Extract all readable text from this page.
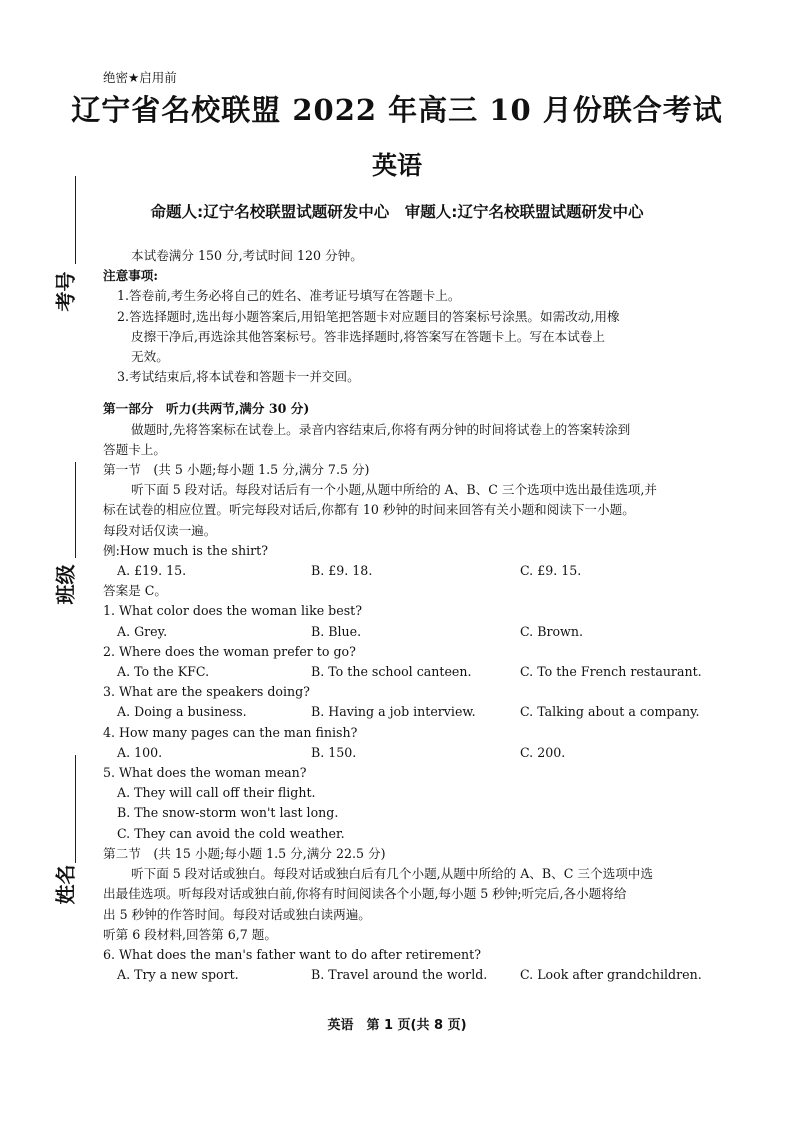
绝密★启用前
辽宁省名校联盟 2022 年高三 10 月份联合考试
英语
命题人:辽宁名校联盟试题研发中心　审题人:辽宁名校联盟试题研发中心
考号
班级
姓名

本试卷满分 150 分,考试时间 120 分钟。

注意事项:

1.答卷前,考生务必将自己的姓名、准考证号填写在答题卡上。

2.答选择题时,选出每小题答案后,用铅笔把答题卡对应题目的答案标号涂黑。如需改动,用橡

皮擦干净后,再选涂其他答案标号。答非选择题时,将答案写在答题卡上。写在本试卷上

无效。

3.考试结束后,将本试卷和答题卡一并交回。

第一部分　听力(共两节,满分 30 分)

做题时,先将答案标在试卷上。录音内容结束后,你将有两分钟的时间将试卷上的答案转涂到

答题卡上。

第一节　(共 5 小题;每小题 1.5 分,满分 7.5 分)

听下面 5 段对话。每段对话后有一个小题,从题中所给的 A、B、C 三个选项中选出最佳选项,并

标在试卷的相应位置。听完每段对话后,你都有 10 秒钟的时间来回答有关小题和阅读下一小题。

每段对话仅读一遍。

例:How much is the shirt?

A. £19. 15.	B. £9. 18.	C. £9. 15.

答案是 C。

1. What color does the woman like best?

A. Grey.	B. Blue.	C. Brown.

2. Where does the woman prefer to go?

A. To the KFC.	B. To the school canteen.	C. To the French restaurant.

3. What are the speakers doing?

A. Doing a business.	B. Having a job interview.	C. Talking about a company.

4. How many pages can the man finish?

A. 100.	B. 150.	C. 200.

5. What does the woman mean?

A. They will call off their flight.

B. The snow-storm won't last long.

C. They can avoid the cold weather.

第二节　(共 15 小题;每小题 1.5 分,满分 22.5 分)

听下面 5 段对话或独白。每段对话或独白后有几个小题,从题中所给的 A、B、C 三个选项中选

出最佳选项。听每段对话或独白前,你将有时间阅读各个小题,每小题 5 秒钟;听完后,各小题将给

出 5 秒钟的作答时间。每段对话或独白读两遍。

听第 6 段材料,回答第 6,7 题。

6. What does the man's father want to do after retirement?

A. Try a new sport.	B. Travel around the world.	C. Look after grandchildren.
英语　第 1 页(共 8 页)
